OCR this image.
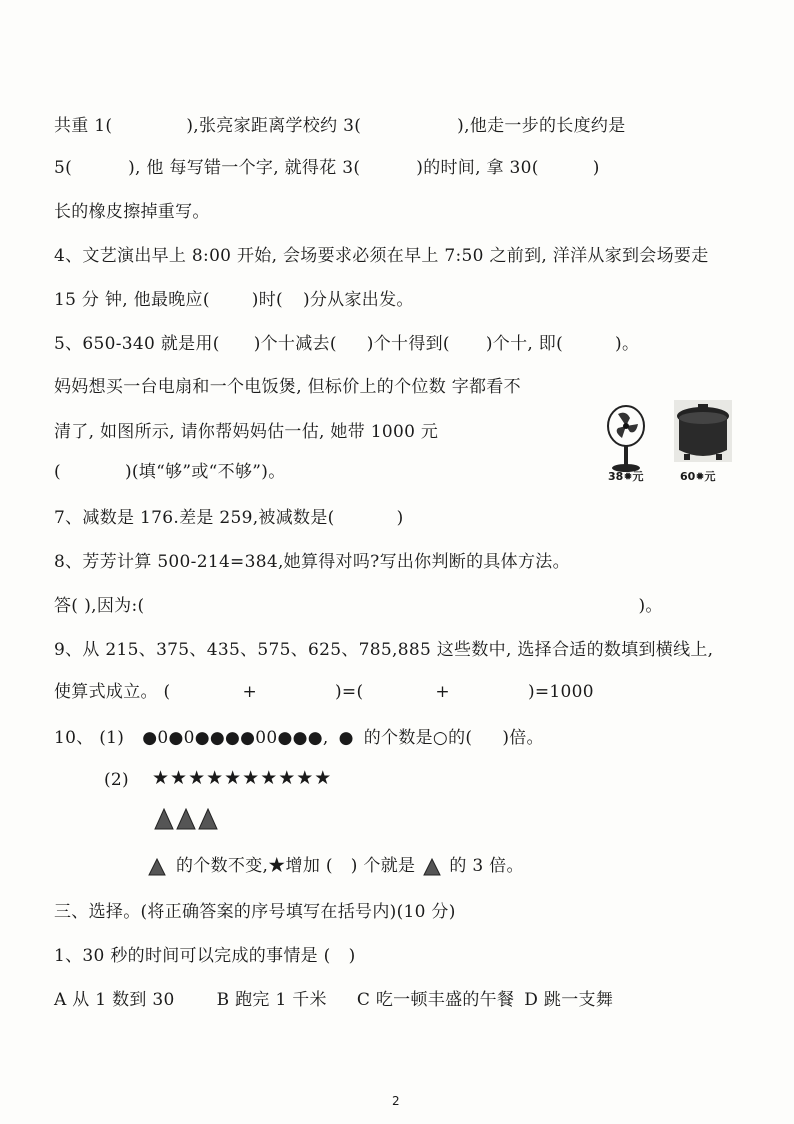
共重 1(	),张亮家距离学校约 3(	),他走一步的长度约是
5(	), 他 每写错一个字, 就得花 3(	)的时间, 拿 30(	)
长的橡皮擦掉重写。
4、文艺演出早上 8:00 开始, 会场要求必须在早上 7:50 之前到, 洋洋从家到会场要走
15 分 钟, 他最晚应( )时( )分从家出发。
5、650-340 就是用( )个十减去( )个十得到( )个十, 即(	)。
妈妈想买一台电扇和一个电饭煲, 但标价上的个位数 字都看不
清了, 如图所示, 请你帮妈妈估一估, 她带 1000 元
(	)(填“够”或“不够”)。	38✹元	60✹元
7、减数是 176.差是 259,被减数是(	)
8、芳芳计算 500-214=384,她算得对吗?写出你判断的具体方法。
答( ),因为:(	)。
9、从 215、375、435、575、625、785,885 这些数中, 选择合适的数填到横线上,
使算式成立。 (	+	)=(	+	)=1000
10、 (1) ●0●0●●●●00●●●, ● 的个数是○的( )倍。
(2) ★★★★★★★★★★
的个数不变,★增加 ( ) 个就是 的 3 倍。
三、选择。(将正确答案的序号填写在括号内)(10 分)
1、30 秒的时间可以完成的事情是 ( )
A 从 1 数到 30 B 跑完 1 千米 C 吃一顿丰盛的午餐 D 跳一支舞
2
